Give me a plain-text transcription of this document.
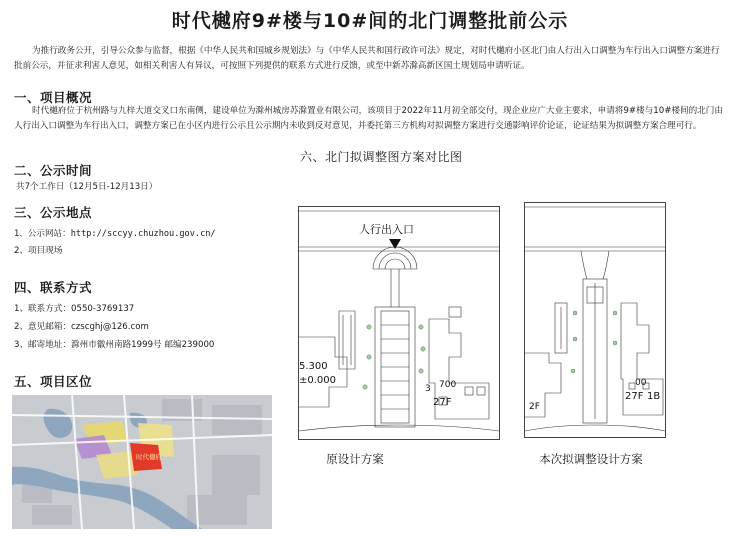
时代樾府9#楼与10#间的北门调整批前公示
为推行政务公开，引导公众参与监督，根据《中华人民共和国城乡规划法》与《中华人民共和国行政许可法》规定，对时代樾府小区北门由人行出入口调整为车行出入口调整方案进行批前公示，并征求利害人意见，如相关利害人有异议，可按照下列提供的联系方式进行反馈，或至中新苏滁高新区国土规划局申请听证。
一、项目概况
时代樾府位于杭州路与九梓大道交叉口东南侧，建设单位为滁州城房苏滁置业有限公司，该项目于2022年11月初全部交付，现企业应广大业主要求，申请将9#楼与10#楼间的北门由人行出入口调整为车行出入口，调整方案已在小区内进行公示且公示期内未收到反对意见，并委托第三方机构对拟调整方案进行交通影响评价论证，论证结果为拟调整方案合理可行。
六、北门拟调整图方案对比图
二、公示时间
共7个工作日（12月5日-12月13日）
三、公示地点
1、公示网站：http://sccyy.chuzhou.gov.cn/
2、项目现场
四、联系方式
1、联系方式：0550-3769137
2、意见邮箱：czscghj@126.com
3、邮寄地址：滁州市徽州南路1999号 邮编239000
五、项目区位
时代樾府
人行出入口
5.300
±0.000
27F
3 700
27F 1B
00
2F
原设计方案	本次拟调整设计方案
